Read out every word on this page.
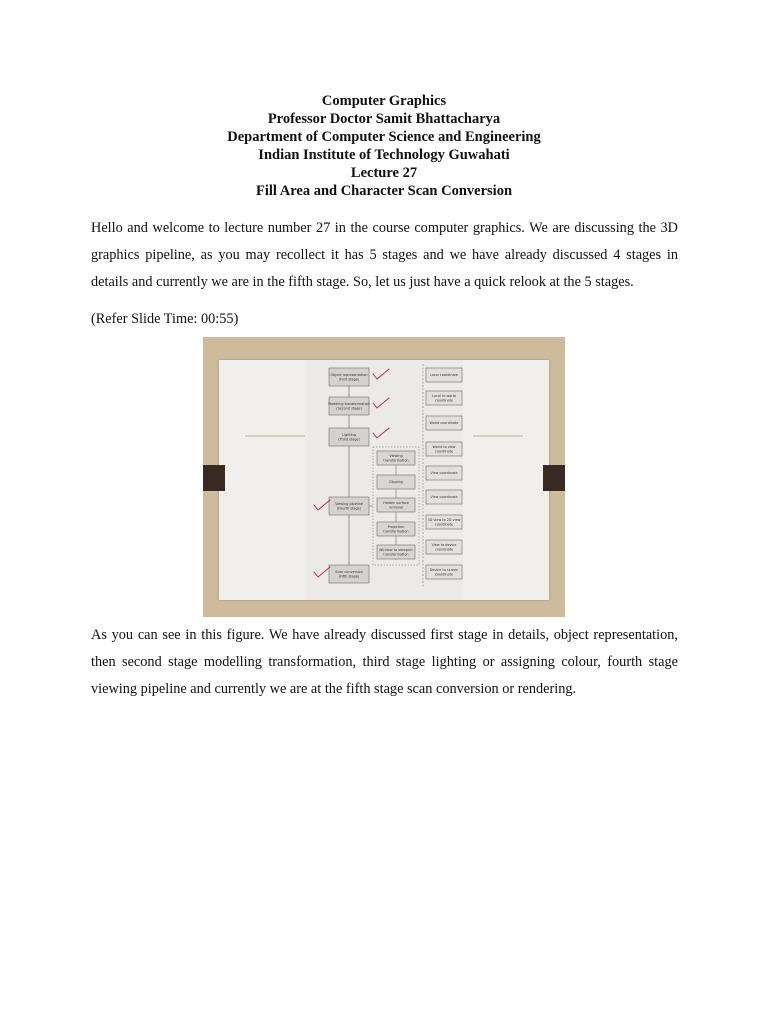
Computer Graphics
Professor Doctor Samit Bhattacharya
Department of Computer Science and Engineering
Indian Institute of Technology Guwahati
Lecture 27
Fill Area and Character Scan Conversion

Hello and welcome to lecture number 27 in the course computer graphics. We are discussing the 3D graphics pipeline, as you may recollect it has 5 stages and we have already discussed 4 stages in details and currently we are in the fifth stage. So, let us just have a quick relook at the 5 stages.

(Refer Slide Time: 00:55)

Object representation
(First stage)
Modeling transformation
(Second stage)
Lighting
(Third stage)
Viewing pipeline
(Fourth stage)
Scan conversion
(Fifth stage)
Viewing
transformation
Clipping
Hidden surface
removal
Projection
transformation
Window to viewport
transformation
Local coordinate
Local to world
coordinate
World coordinate
World to view
coordinate
View coordinate
View coordinate
3D view to 2D view
coordinate
View to device
coordinate
Device to screen
coordinate

As you can see in this figure. We have already discussed first stage in details, object representation, then second stage modelling transformation, third stage lighting or assigning colour, fourth stage viewing pipeline and currently we are at the fifth stage scan conversion or rendering.
